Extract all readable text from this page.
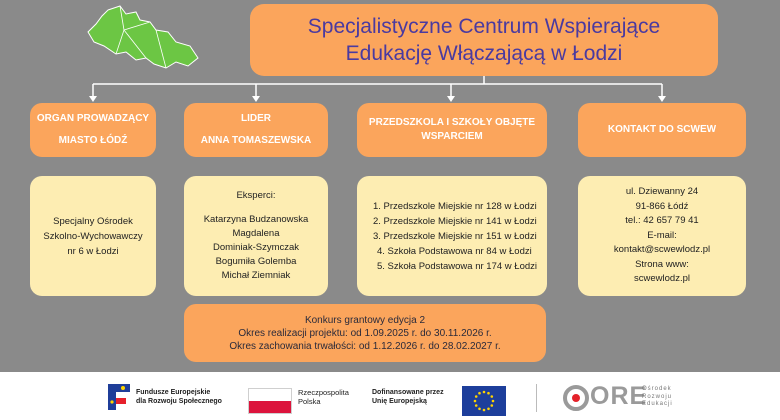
Specjalistyczne Centrum Wspierające
Edukację Włączającą w Łodzi
ORGAN PROWADZĄCY
MIASTO ŁÓDŹ
Specjalny Ośrodek
Szkolno-Wychowawczy
nr 6 w Łodzi
LIDER
ANNA TOMASZEWSKA
Eksperci:
Katarzyna Budzanowska
Magdalena
Dominiak-Szymczak
Bogumiła Golemba
Michał Ziemniak
PRZEDSZKOLA I SZKOŁY OBJĘTE
WSPARCIEM
1. Przedszkole Miejskie nr 128 w Łodzi
2. Przedszkole Miejskie nr 141 w Łodzi
3. Przedszkole Miejskie nr 151 w Łodzi
4. Szkoła Podstawowa nr 84 w Łodzi
5. Szkoła Podstawowa nr 174 w Łodzi
KONTAKT DO SCWEW
ul. Dziewanny 24
91-866 Łódź
tel.: 42 657 79 41
E-mail:
kontakt@scwewlodz.pl
Strona www:
scwewlodz.pl
Konkurs grantowy edycja 2
Okres realizacji projektu: od 1.09.2025 r. do 30.11.2026 r.
Okres zachowania trwałości: od 1.12.2026 r. do 28.02.2027 r.
Fundusze Europejskie
dla Rozwoju Społecznego
Rzeczpospolita
Polska
Dofinansowane przez
Unię Europejską	ORE
Ośrodek
Rozwoju
Edukacji
